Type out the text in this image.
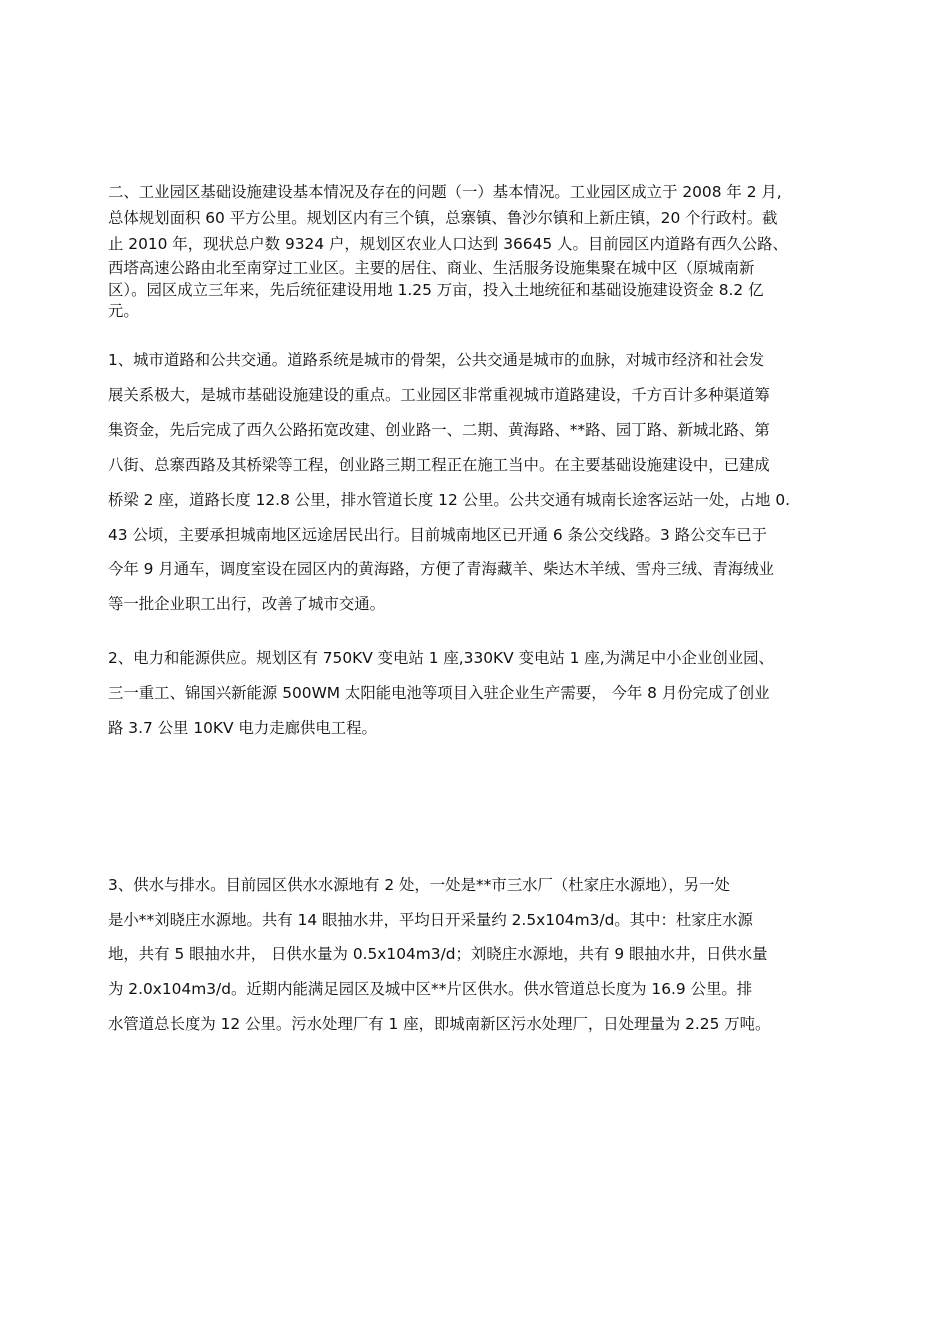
二、工业园区基础设施建设基本情况及存在的问题（一）基本情况。工业园区成立于 2008 年 2 月,
总体规划面积 60 平方公里。规划区内有三个镇，总寨镇、鲁沙尔镇和上新庄镇，20 个行政村。截
止 2010 年，现状总户数 9324 户，规划区农业人口达到 36645 人。目前园区内道路有西久公路、
西塔高速公路由北至南穿过工业区。主要的居住、商业、生活服务设施集聚在城中区（原城南新
区）。园区成立三年来，先后统征建设用地 1.25 万亩，投入土地统征和基础设施建设资金 8.2 亿
元。
1、城市道路和公共交通。道路系统是城市的骨架，公共交通是城市的血脉，对城市经济和社会发
展关系极大，是城市基础设施建设的重点。工业园区非常重视城市道路建设，千方百计多种渠道筹
集资金，先后完成了西久公路拓宽改建、创业路一、二期、黄海路、**路、园丁路、新城北路、第
八街、总寨西路及其桥梁等工程，创业路三期工程正在施工当中。在主要基础设施建设中，已建成
桥梁 2 座，道路长度 12.8 公里，排水管道长度 12 公里。公共交通有城南长途客运站一处，占地 0.
43 公顷，主要承担城南地区远途居民出行。目前城南地区已开通 6 条公交线路。3 路公交车已于
今年 9 月通车，调度室设在园区内的黄海路，方便了青海藏羊、柴达木羊绒、雪舟三绒、青海绒业
等一批企业职工出行，改善了城市交通。
2、电力和能源供应。规划区有 750KV 变电站 1 座,330KV 变电站 1 座,为满足中小企业创业园、
三一重工、锦国兴新能源 500WM 太阳能电池等项目入驻企业生产需要， 今年 8 月份完成了创业
路 3.7 公里 10KV 电力走廊供电工程。
3、供水与排水。目前园区供水水源地有 2 处，一处是**市三水厂（杜家庄水源地），另一处
是小**刘晓庄水源地。共有 14 眼抽水井，平均日开采量约 2.5x104m3/d。其中：杜家庄水源
地，共有 5 眼抽水井， 日供水量为 0.5x104m3/d；刘晓庄水源地，共有 9 眼抽水井，日供水量
为 2.0x104m3/d。近期内能满足园区及城中区**片区供水。供水管道总长度为 16.9 公里。排
水管道总长度为 12 公里。污水处理厂有 1 座，即城南新区污水处理厂，日处理量为 2.25 万吨。
